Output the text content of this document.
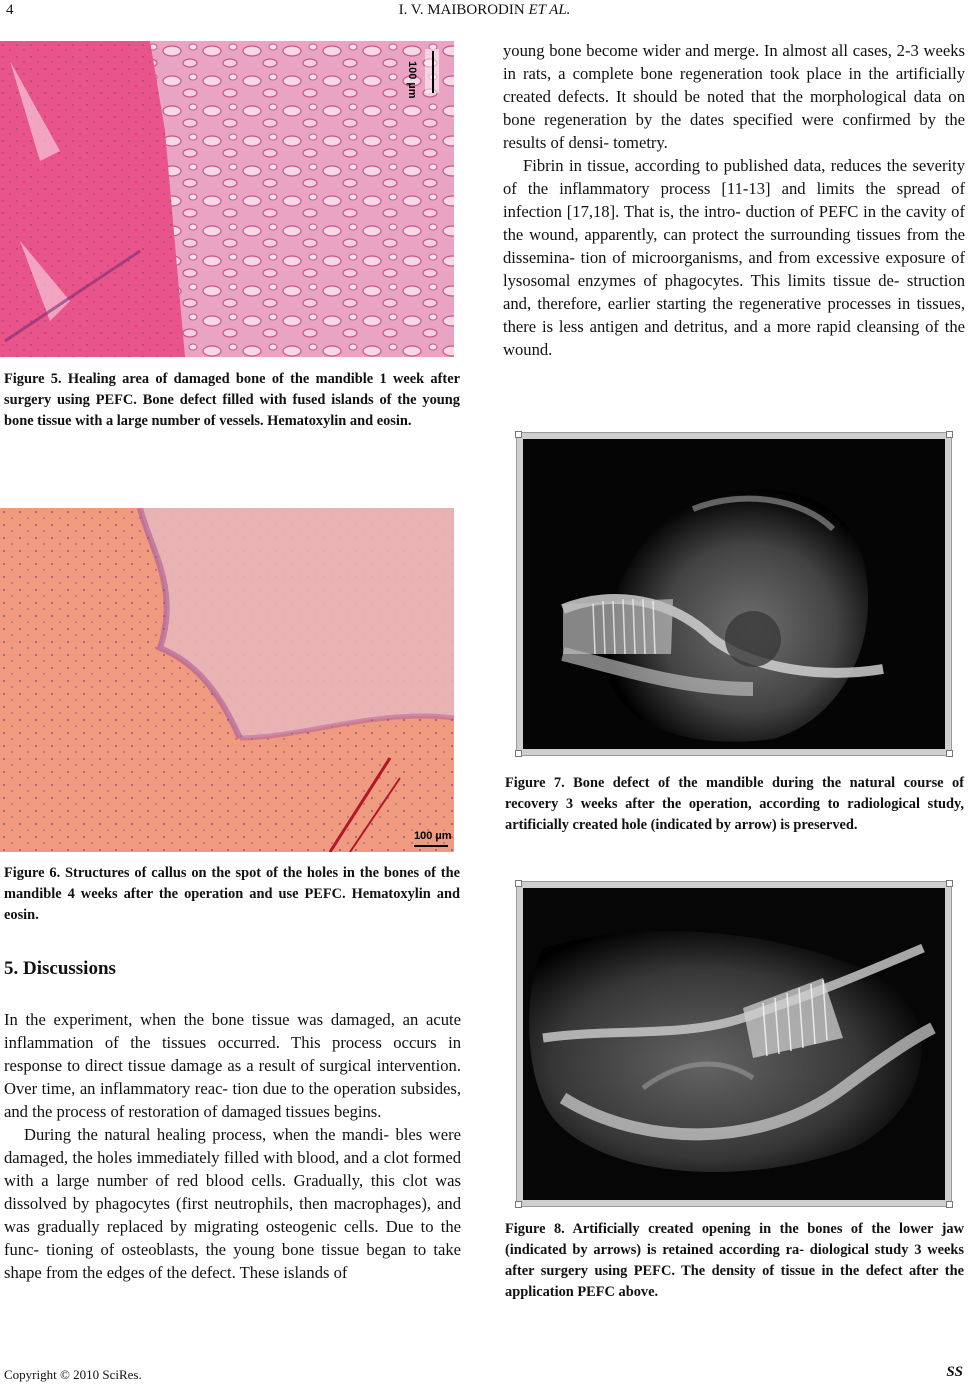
4	I. V. MAIBORODIN ET AL.
100 µm
Figure 5. Healing area of damaged bone of the mandible 1 week after surgery using PEFC. Bone defect filled with fused islands of the young bone tissue with a large number of vessels. Hematoxylin and eosin.
100 µm
Figure 6. Structures of callus on the spot of the holes in the bones of the mandible 4 weeks after the operation and use PEFC. Hematoxylin and eosin.
5. Discussions

In the experiment, when the bone tissue was damaged, an acute inflammation of the tissues occurred. This process occurs in response to direct tissue damage as a result of surgical intervention. Over time, an inflammatory reac- tion due to the operation subsides, and the process of restoration of damaged tissues begins.

During the natural healing process, when the mandi- bles were damaged, the holes immediately filled with blood, and a clot formed with a large number of red blood cells. Gradually, this clot was dissolved by phagocytes (first neutrophils, then macrophages), and was gradually replaced by migrating osteogenic cells. Due to the func- tioning of osteoblasts, the young bone tissue began to take shape from the edges of the defect. These islands of

young bone become wider and merge. In almost all cases, 2-3 weeks in rats, a complete bone regeneration took place in the artificially created defects. It should be noted that the morphological data on bone regeneration by the dates specified were confirmed by the results of densi- tometry.

Fibrin in tissue, according to published data, reduces the severity of the inflammatory process [11-13] and limits the spread of infection [17,18]. That is, the intro- duction of PEFC in the cavity of the wound, apparently, can protect the surrounding tissues from the dissemina- tion of microorganisms, and from excessive exposure of lysosomal enzymes of phagocytes. This limits tissue de- struction and, therefore, earlier starting the regenerative processes in tissues, there is less antigen and detritus, and a more rapid cleansing of the wound.

Figure 7. Bone defect of the mandible during the natural course of recovery 3 weeks after the operation, according to radiological study, artificially created hole (indicated by arrow) is preserved.
Figure 8. Artificially created opening in the bones of the lower jaw (indicated by arrows) is retained according ra- diological study 3 weeks after surgery using PEFC. The density of tissue in the defect after the application PEFC above.
Copyright © 2010 SciRes.	SS
